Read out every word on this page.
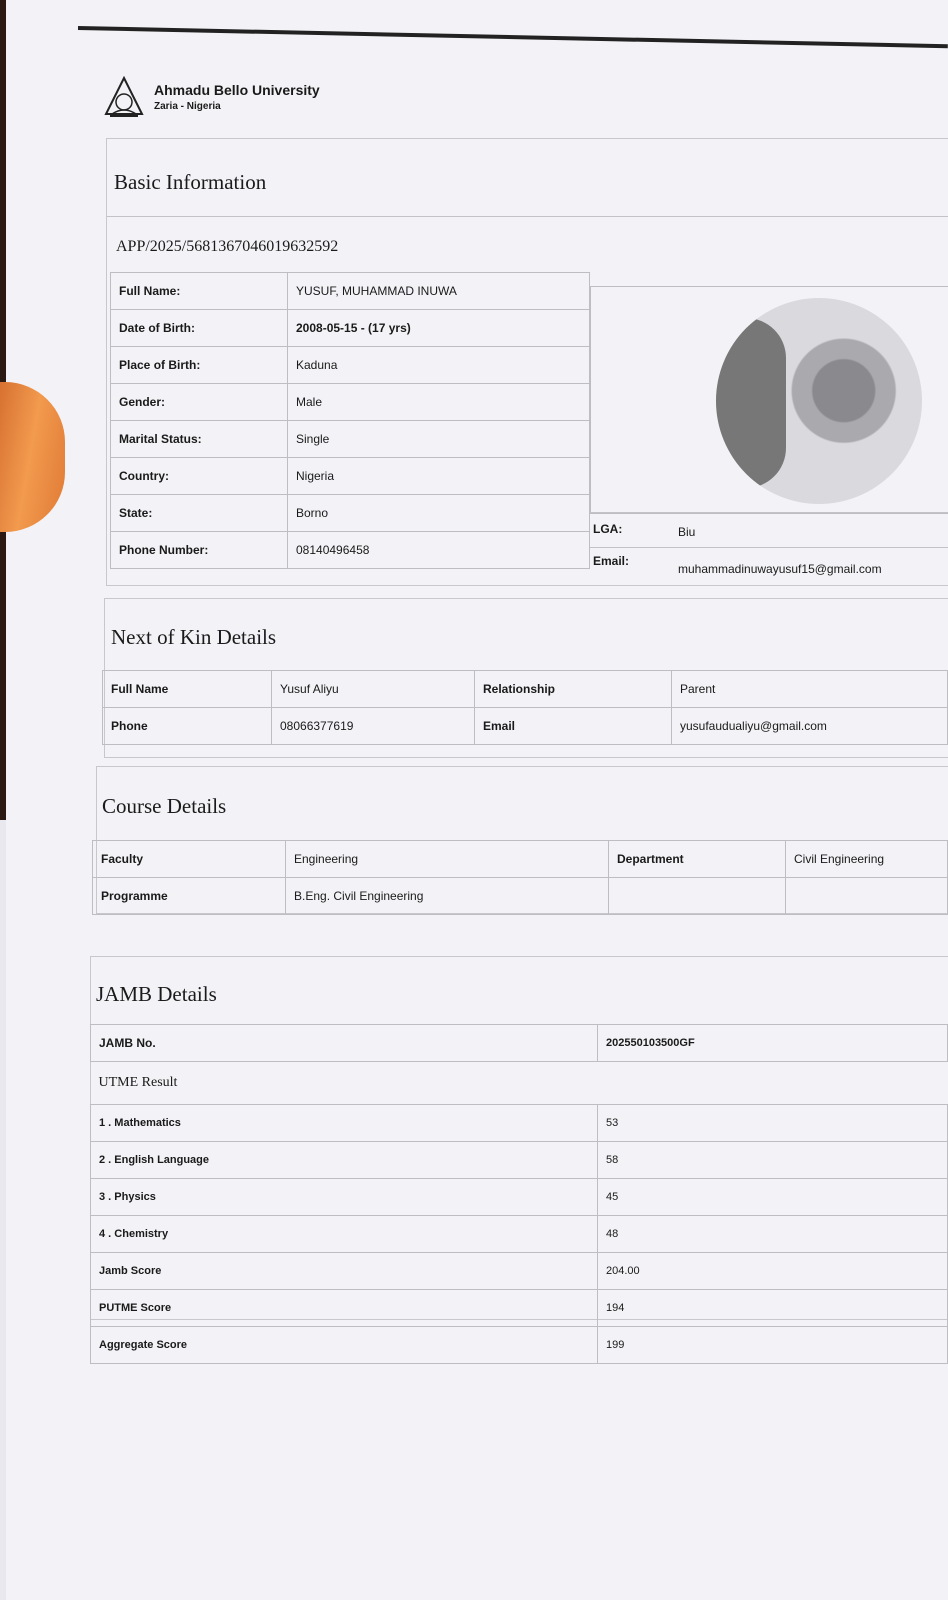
Ahmadu Bello University
Zaria - Nigeria
Basic Information
APP/2025/5681367046019632592
Full Name:	YUSUF, MUHAMMAD INUWA
Date of Birth:	2008-05-15 - (17 yrs)
Place of Birth:	Kaduna
Gender:	Male
Marital Status:	Single
Country:	Nigeria
State:	Borno
Phone Number:	08140496458
LGA:	Biu
Email:
muhammadinuwayusuf15@gmail.com
Next of Kin Details
Full Name	Yusuf Aliyu	Relationship	Parent
Phone	08066377619	Email	yusufaudualiyu@gmail.com
Course Details
Faculty	Engineering	Department	Civil Engineering
Programme	B.Eng. Civil Engineering		
JAMB Details
JAMB No.	202550103500GF
UTME Result	
1 . Mathematics	53
2 . English Language	58
3 . Physics	45
4 . Chemistry	48
Jamb Score	204.00
PUTME Score	194
Aggregate Score	199
